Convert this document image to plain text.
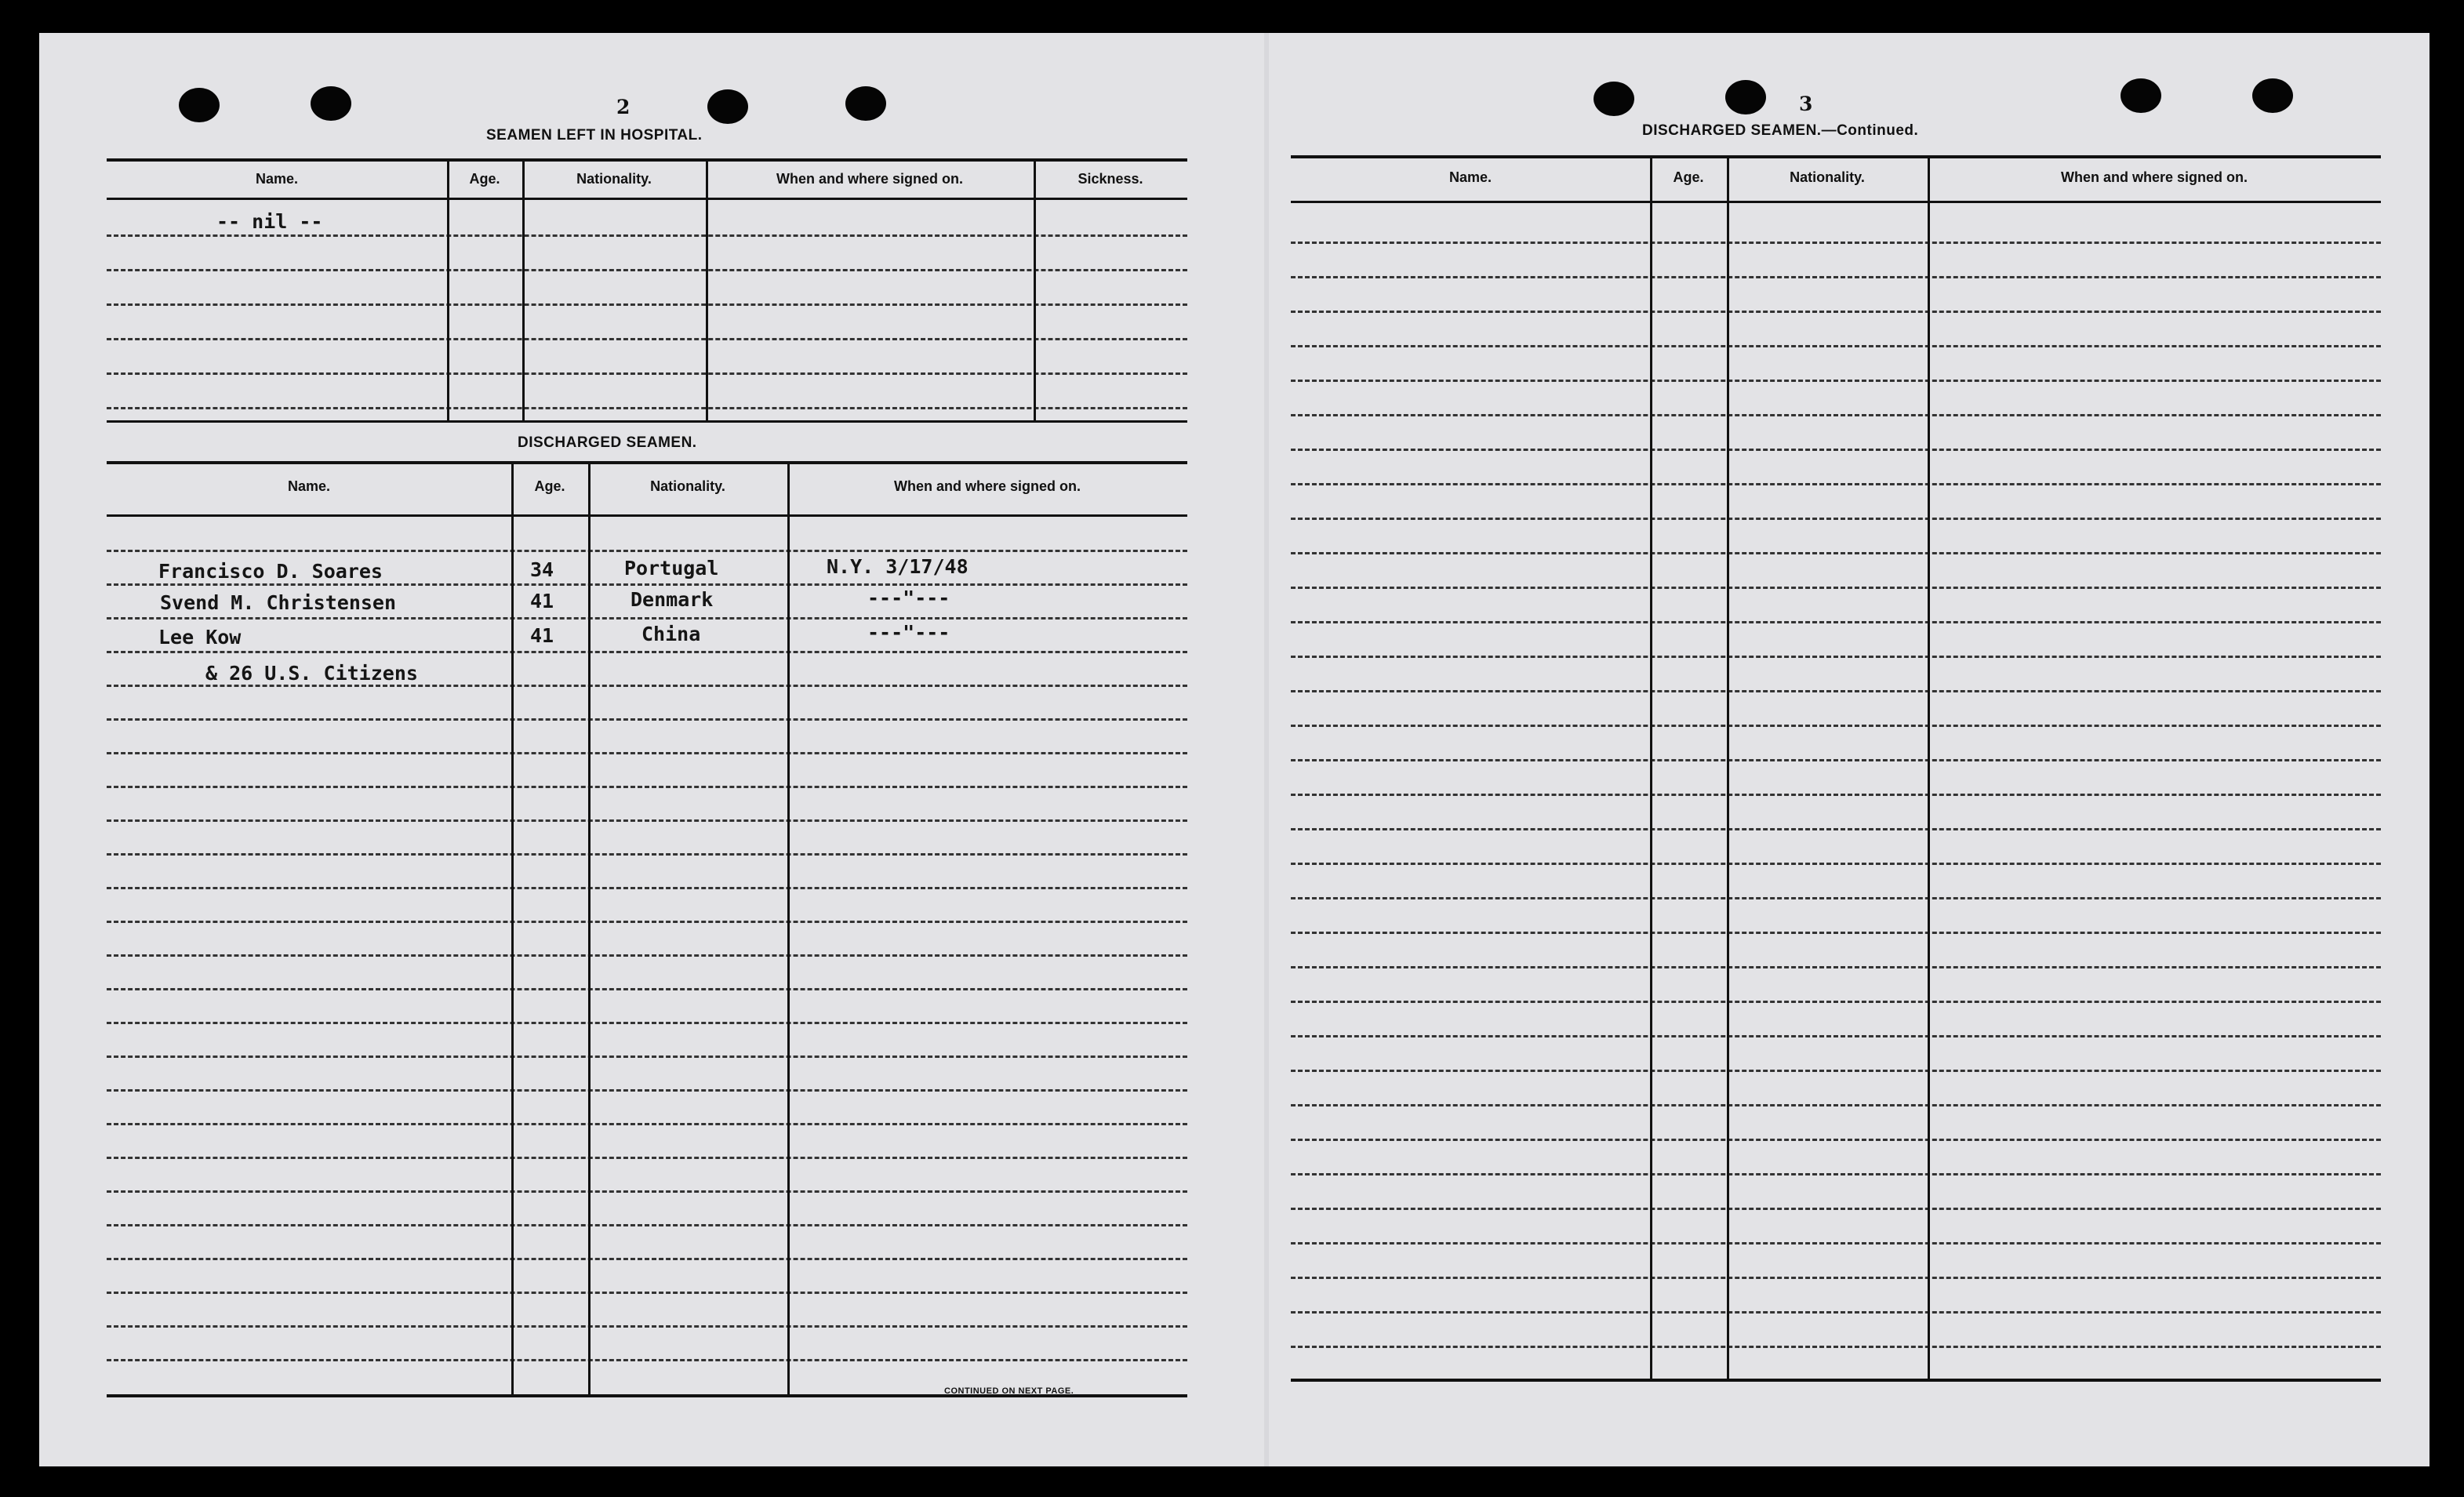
2
SEAMEN LEFT IN HOSPITAL.
Name.	Age.	Nationality.	When and where signed on.	Sickness.
-- nil --
DISCHARGED SEAMEN.
Name.	Age.	Nationality.	When and where signed on.
Francisco D. Soares	34	Portugal	N.Y. 3/17/48
Svend M. Christensen	41	Denmark	---"---
Lee Kow	41	China	---"---
& 26 U.S. Citizens
CONTINUED ON NEXT PAGE.
3
DISCHARGED SEAMEN.—Continued.
Name.	Age.	Nationality.	When and where signed on.
